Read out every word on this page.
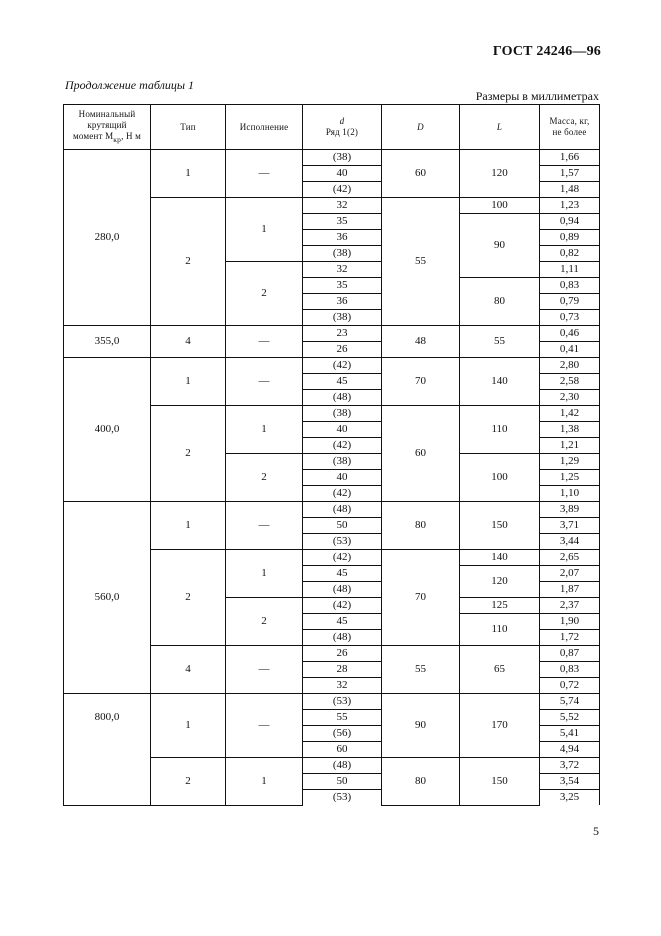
ГОСТ 24246—96
Продолжение таблицы 1
Размеры в миллиметрах
Номинальный
крутящий
момент $M_{кр}$, Н м	Тип	Исполнение	d
Ряд 1(2)	D	L	Масса, кг,
не более
280,0	1	—	(38)	60	120	1,66
			40			1,57
			(42)			1,48
	2	1	32	55	100	1,23
			35		90	0,94
			36			0,89
			(38)			0,82
		2	32			1,11
			35		80	0,83
			36			0,79
			(38)			0,73
355,0	4	—	23	48	55	0,46
			26			0,41
400,0	1	—	(42)	70	140	2,80
			45			2,58
			(48)			2,30
	2	1	(38)	60	110	1,42
			40			1,38
			(42)			1,21
		2	(38)		100	1,29
			40			1,25
			(42)			1,10
560,0	1	—	(48)	80	150	3,89
			50			3,71
			(53)			3,44
	2	1	(42)	70	140	2,65
			45		120	2,07
			(48)			1,87
		2	(42)		125	2,37
			45		110	1,90
			(48)			1,72
	4	—	26	55	65	0,87
			28			0,83
			32			0,72
800,0	1	—	(53)	90	170	5,74
			55			5,52
			(56)			5,41
			60			4,94
	2	1	(48)	80	150	3,72
			50			3,54
			(53)			3,25
5
